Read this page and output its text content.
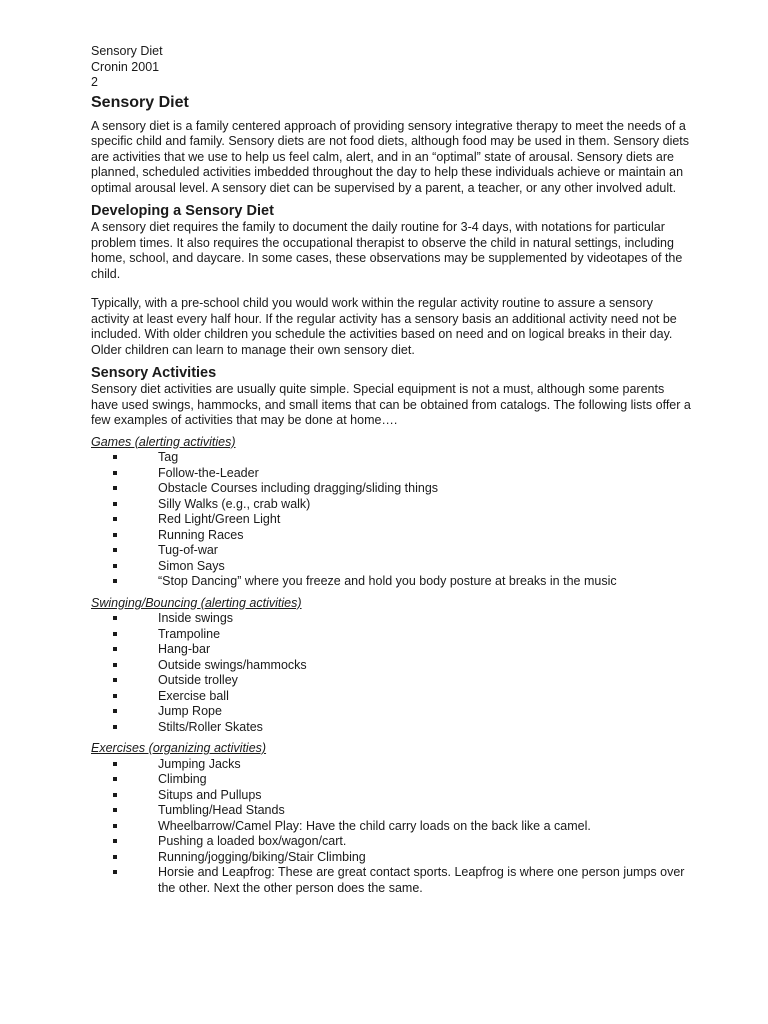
Sensory Diet
Cronin 2001
2
Sensory Diet

A sensory diet is a family centered approach of providing sensory integrative therapy to meet the needs of a specific child and family. Sensory diets are not food diets, although food may be used in them. Sensory diets are activities that we use to help us feel calm, alert, and in an “optimal” state of arousal. Sensory diets are planned, scheduled activities imbedded throughout the day to help these individuals achieve or maintain an optimal arousal level. A sensory diet can be supervised by a parent, a teacher, or any other involved adult.

Developing a Sensory Diet

A sensory diet requires the family to document the daily routine for 3-4 days, with notations for particular problem times. It also requires the occupational therapist to observe the child in natural settings, including home, school, and daycare. In some cases, these observations may be supplemented by videotapes of the child.

Typically, with a pre-school child you would work within the regular activity routine to assure a sensory activity at least every half hour. If the regular activity has a sensory basis an additional activity need not be included. With older children you schedule the activities based on need and on logical breaks in their day. Older children can learn to manage their own sensory diet.

Sensory Activities

Sensory diet activities are usually quite simple. Special equipment is not a must, although some parents have used swings, hammocks, and small items that can be obtained from catalogs. The following lists offer a few examples of activities that may be done at home….

Games (alerting activities)
Tag
Follow-the-Leader
Obstacle Courses including dragging/sliding things
Silly Walks (e.g., crab walk)
Red Light/Green Light
Running Races
Tug-of-war
Simon Says
“Stop Dancing” where you freeze and hold you body posture at breaks in the music
Swinging/Bouncing (alerting activities)
Inside swings
Trampoline
Hang-bar
Outside swings/hammocks
Outside trolley
Exercise ball
Jump Rope
Stilts/Roller Skates
Exercises (organizing activities)
Jumping Jacks
Climbing
Situps and Pullups
Tumbling/Head Stands
Wheelbarrow/Camel Play: Have the child carry loads on the back like a camel.
Pushing a loaded box/wagon/cart.
Running/jogging/biking/Stair Climbing
Horsie and Leapfrog: These are great contact sports. Leapfrog is where one person jumps over the other. Next the other person does the same.
